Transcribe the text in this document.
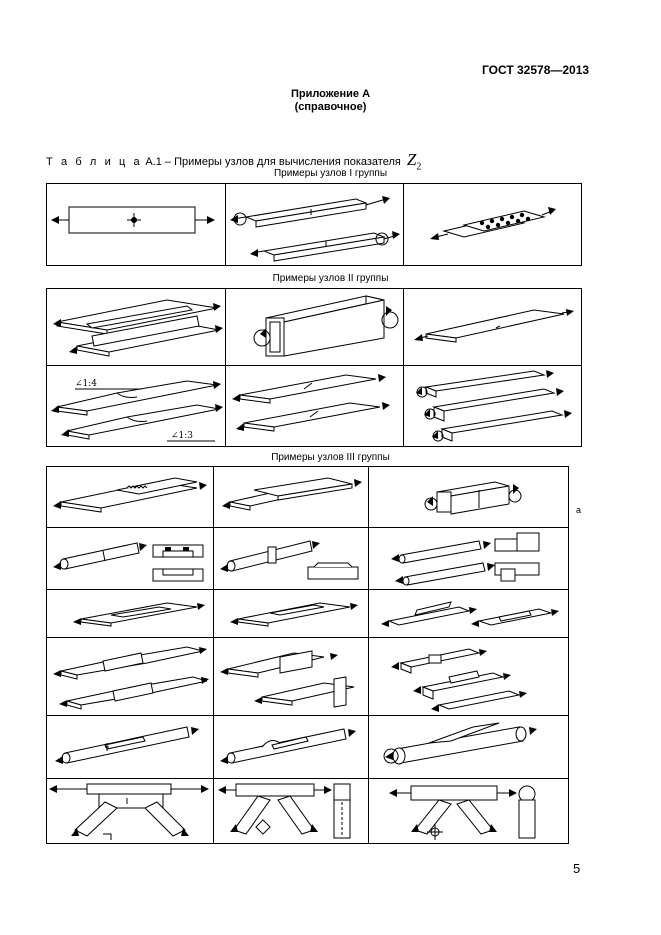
ГОСТ 32578—2013
Приложение А
(справочное)
Т а б л и ц а А.1 – Примеры узлов для вычисления показателя $Z_2$
Примеры узлов I группы

Примеры узлов II группы

∠1:4
∠1:3

Примеры узлов III группы

а
5
